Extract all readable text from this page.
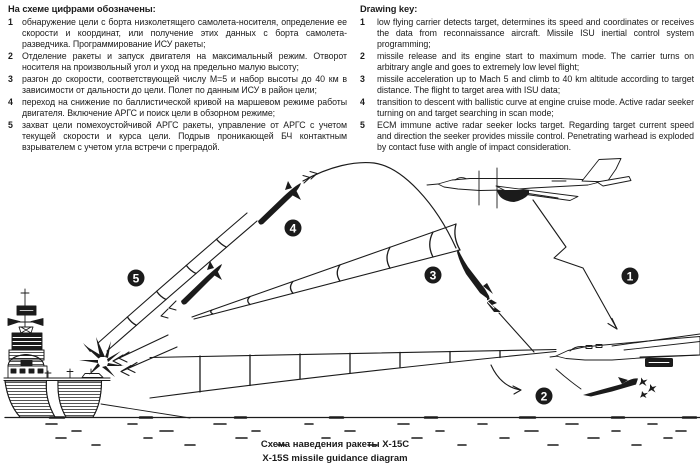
На схеме цифрами обозначены:
1 обнаружение цели с борта низколетящего самолета-носителя, определение ее скорости и координат, или получение этих данных с борта самолета-разведчика. Программирование ИСУ ракеты;
2 Отделение ракеты и запуск двигателя на максимальный режим. Отворот носителя на произвольный угол и уход на предельно малую высоту;
3 разгон до скорости, соответствующей числу М=5 и набор высоты до 40 км в зависимости от дальности до цели. Полет по данным ИСУ в район цели;
4 переход на снижение по баллистической кривой на маршевом режиме работы двигателя. Включение АРГС и поиск цели в обзорном режиме;
5 захват цели помехоустойчивой АРГС ракеты, управление от АРГС с учетом текущей скорости и курса цели. Подрыв проникающей БЧ контактным взрывателем с учетом угла встречи с преградой.
Drawing key:
1 low flying carrier detects target, determines its speed and coordinates or receives the data from reconnaissance aircraft. Missile ISU inertial control system programming;
2 missile release and its engine start to maximum mode. The carrier turns on arbitrary angle and goes to extremely low level flight;
3 missile acceleration up to Mach 5 and climb to 40 km altitude according to target distance. The flight to target area with ISU data;
4 transition to descent with ballistic curve at engine cruise mode. Active radar seeker turning on and target searching in scan mode;
5 ECM immune active radar seeker locks target. Regarding target current speed and direction the seeker provides missile control. Penetrating warhead is exploded by contact fuse with angle of impact consideration.
1
2
3
4
5
Схема наведения ракеты Х-15С
X-15S missile guidance diagram
